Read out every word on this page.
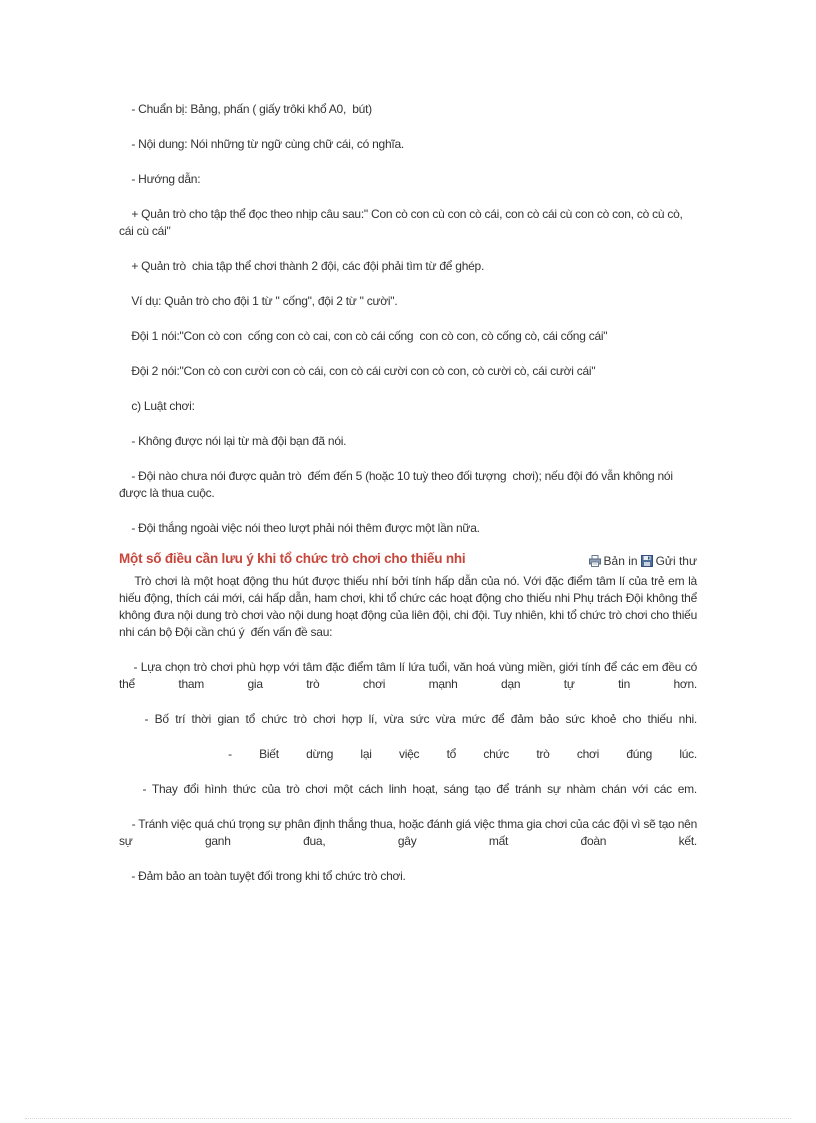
- Chuẩn bị: Bảng, phấn ( giấy trôki khổ A0,  bút)

- Nội dung: Nói những từ ngữ cùng chữ cái, có nghĩa.

- Hướng dẫn:

+ Quản trò cho tập thể đọc theo nhịp câu sau:" Con cò con cù con cò cái, con cò cái cù con cò con, cò cù cò, cái cù cái"

+ Quản trò  chia tập thể chơi thành 2 đội, các đội phải tìm từ để ghép.

Ví dụ: Quản trò cho đội 1 từ " cống", đội 2 từ " cười".

Đội 1 nói:"Con cò con  cống con cò cai, con cò cái cống  con cò con, cò cống cò, cái cống cái"

Đội 2 nói:"Con cò con cười con cò cái, con cò cái cười con cò con, cò cười cò, cái cười cái"

c) Luật chơi:

- Không được nói lại từ mà đội bạn đã nói.

- Đội nào chưa nói được quản trò  đếm đến 5 (hoặc 10 tuỳ theo đối tượng  chơi); nếu đội đó vẫn không nói được là thua cuộc.

- Đội thắng ngoài việc nói theo lượt phải nói thêm được một lần nữa.

Một số điều cần lưu ý khi tổ chức trò chơi cho thiếu nhi	Bản in Gửi thư

Trò chơi là một hoạt động thu hút được thiếu nhí bởi tính hấp dẫn của nó. Với đặc điểm tâm lí của trẻ em là hiếu động, thích cái mới, cái hấp dẫn, ham chơi, khi tổ chức các hoạt động cho thiếu nhi Phụ trách Đội không thể không đưa nội dung trò chơi vào nội dung hoạt động của liên đội, chi đội. Tuy nhiên, khi tổ chức trò chơi cho thiếu nhi cán bộ Đội cần chú ý  đến vấn đề sau:

- Lựa chọn trò chơi phù hợp với tâm đặc điểm tâm lí lứa tuổi, văn hoá vùng miền, giới tính để các em đều có thể tham gia trò chơi mạnh dạn tự tin hơn.

- Bố trí thời gian tổ chức trò chơi hợp lí, vừa sức vừa mức để đảm bảo sức khoẻ cho thiếu nhi.

- Biết dừng lại việc tổ chức trò chơi đúng lúc.

- Thay đổi hình thức của trò chơi một cách linh hoạt, sáng tạo để tránh sự nhàm chán với các em.

- Tránh việc quá chú trọng sự phân định thắng thua, hoặc đánh giá việc thma gia chơi của các đội vì sẽ tạo nên sự ganh đua, gây mất đoàn kết.

- Đảm bảo an toàn tuyệt đối trong khi tổ chức trò chơi.
